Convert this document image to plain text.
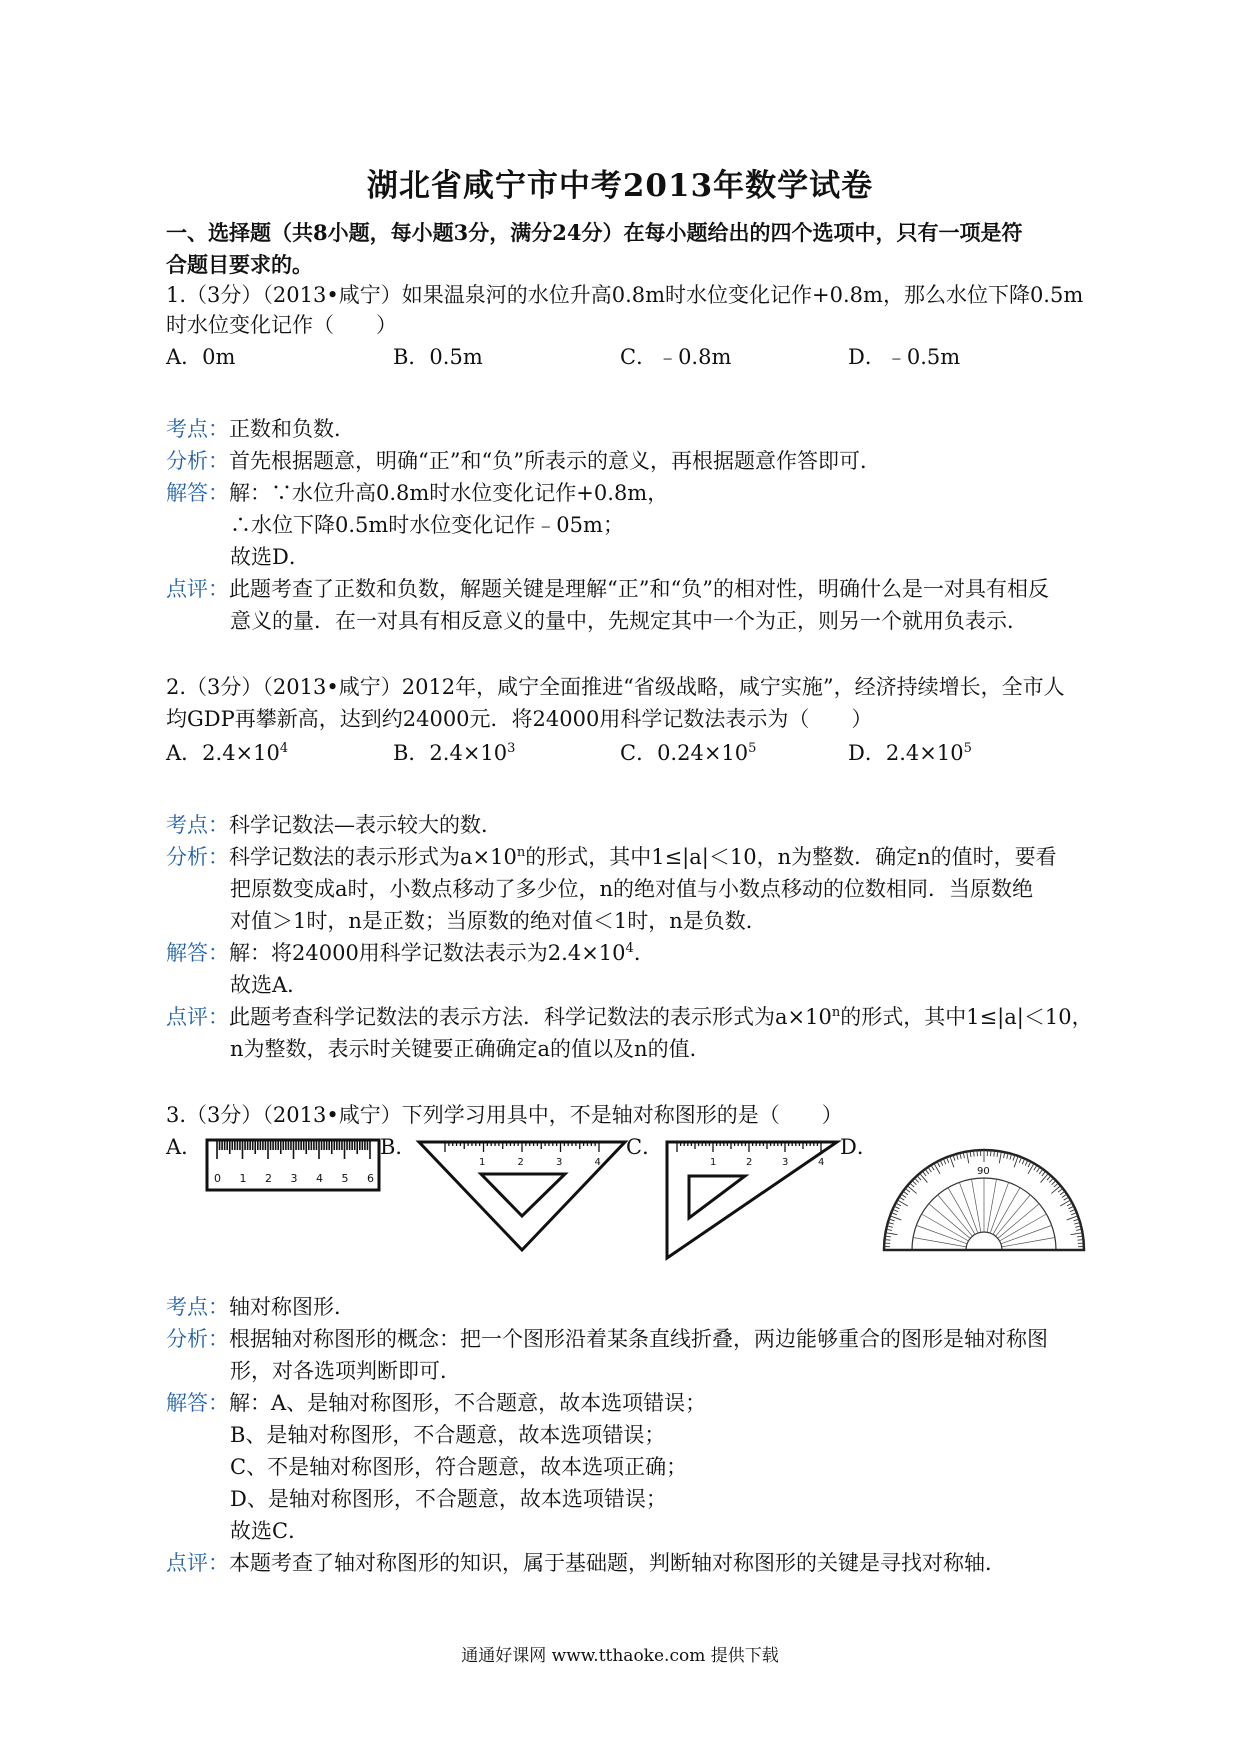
湖北省咸宁市中考2013年数学试卷
一、选择题（共8小题，每小题3分，满分24分）在每小题给出的四个选项中，只有一项是符
合题目要求的。
1.（3分）（2013•咸宁）如果温泉河的水位升高0.8m时水位变化记作+0.8m，那么水位下降0.5m
时水位变化记作（　　）
A．0m	B．0.5m	C．﹣0.8m	D．﹣0.5m
考点：正数和负数．
分析：首先根据题意，明确“正”和“负”所表示的意义，再根据题意作答即可．
解答：解：∵水位升高0.8m时水位变化记作+0.8m，
∴水位下降0.5m时水位变化记作﹣05m；
故选D．
点评：此题考查了正数和负数，解题关键是理解“正”和“负”的相对性，明确什么是一对具有相反
意义的量．在一对具有相反意义的量中，先规定其中一个为正，则另一个就用负表示．
2.（3分）（2013•咸宁）2012年，咸宁全面推进“省级战略，咸宁实施”，经济持续增长，全市人
均GDP再攀新高，达到约24000元．将24000用科学记数法表示为（　　）
A．$2.4\times 10^4$	B．$2.4\times 10^3$	C．$0.24\times 10^5$	D．$2.4\times 10^5$
考点：科学记数法—表示较大的数．
分析：科学记数法的表示形式为$a\times 10^n$的形式，其中1≤|a|＜10，n为整数．确定n的值时，要看
把原数变成a时，小数点移动了多少位，n的绝对值与小数点移动的位数相同．当原数绝
对值＞1时，n是正数；当原数的绝对值＜1时，n是负数．
解答：解：将24000用科学记数法表示为$2.4\times 10^4$．
故选A．
点评：此题考查科学记数法的表示方法．科学记数法的表示形式为$a\times 10^n$的形式，其中1≤|a|＜10，
n为整数，表示时关键要正确确定a的值以及n的值．
3.（3分）（2013•咸宁）下列学习用具中，不是轴对称图形的是（　　）
A．	B．	C．	D．
0 1 2 3 4 5 6
1	2	3	4	1	2	3	4
90
考点：轴对称图形．
分析：根据轴对称图形的概念：把一个图形沿着某条直线折叠，两边能够重合的图形是轴对称图
形，对各选项判断即可．
解答：解：A、是轴对称图形，不合题意，故本选项错误；
B、是轴对称图形，不合题意，故本选项错误；
C、不是轴对称图形，符合题意，故本选项正确；
D、是轴对称图形，不合题意，故本选项错误；
故选C．
点评：本题考查了轴对称图形的知识，属于基础题，判断轴对称图形的关键是寻找对称轴．
通通好课网 www.tthaoke.com 提供下载
